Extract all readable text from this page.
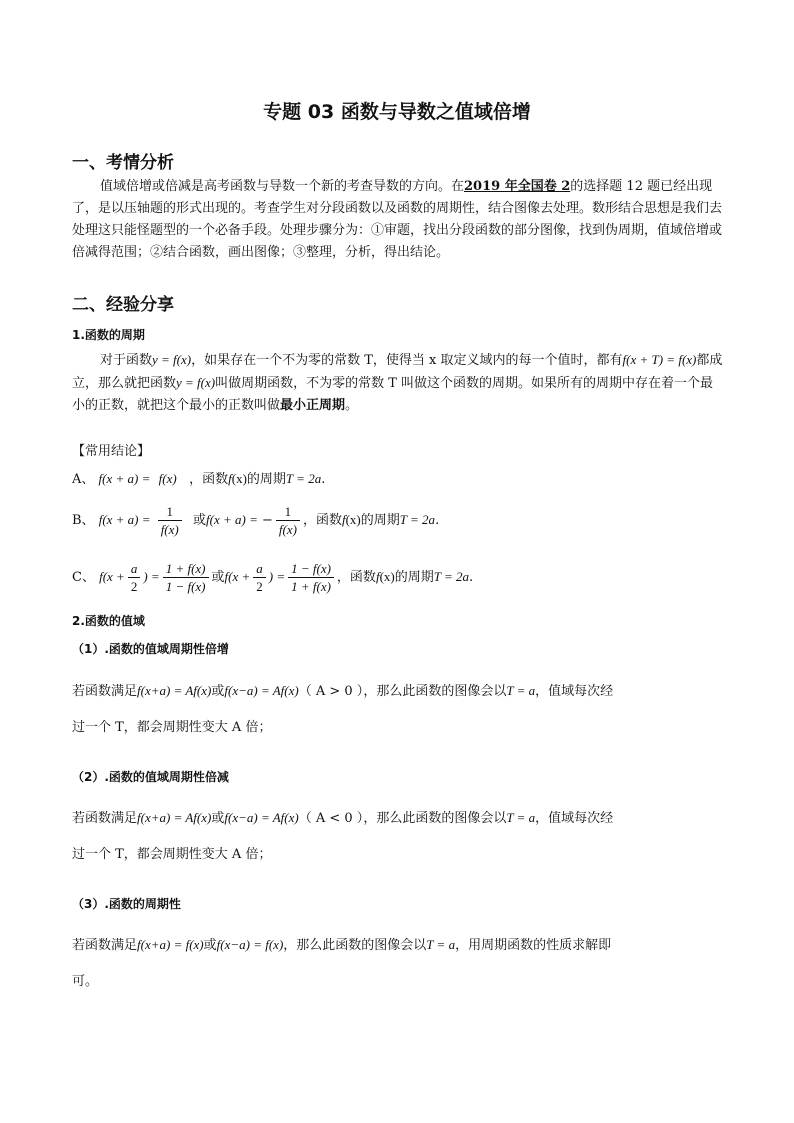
专题 03 函数与导数之值域倍增
一、考情分析
值域倍增或倍减是高考函数与导数一个新的考查导数的方向。在2019 年全国卷 2的选择题 12 题已经出现了，是以压轴题的形式出现的。考查学生对分段函数以及函数的周期性，结合图像去处理。数形结合思想是我们去处理这只能怪题型的一个必备手段。处理步骤分为：①审题，找出分段函数的部分图像，找到伪周期，值域倍增或倍减得范围；②结合函数，画出图像；③整理，分析，得出结论。
二、经验分享
1.函数的周期
对于函数y = f(x)，如果存在一个不为零的常数 T，使得当 x 取定义域内的每一个值时，都有f(x + T) = f(x)都成立，那么就把函数y = f(x)叫做周期函数，不为零的常数 T 叫做这个函数的周期。如果所有的周期中存在着一个最小的正数，就把这个最小的正数叫做最小正周期。
【常用结论】
A、 f(x + a) = f(x) ，函数f(x)的周期T = 2a.
B、 $f(x + a) = \frac{1}{f(x)}$ 或f(x + a) = − $\frac{1}{f(x)}$ ，函数f(x)的周期T = 2a.
C、 $f(x + \frac{a}{2}$ ) = $\frac{1 + f(x)}{1 - f(x)}$ 或$f(x + \frac{a}{2}$ ) = $\frac{1 - f(x)}{1 + f(x)}$ ，函数f(x)的周期T = 2a.
2.函数的值域
（1）.函数的值域周期性倍增
若函数满足f(x+a) = Af(x)或f(x−a) = Af(x)（ A > 0 ），那么此函数的图像会以T = a，值域每次经
过一个 T，都会周期性变大 A 倍；
（2）.函数的值域周期性倍减
若函数满足f(x+a) = Af(x)或f(x−a) = Af(x)（ A < 0 ），那么此函数的图像会以T = a，值域每次经
过一个 T，都会周期性变大 A 倍；
（3）.函数的周期性
若函数满足f(x+a) = f(x)或f(x−a) = f(x)，那么此函数的图像会以T = a，用周期函数的性质求解即
可。
